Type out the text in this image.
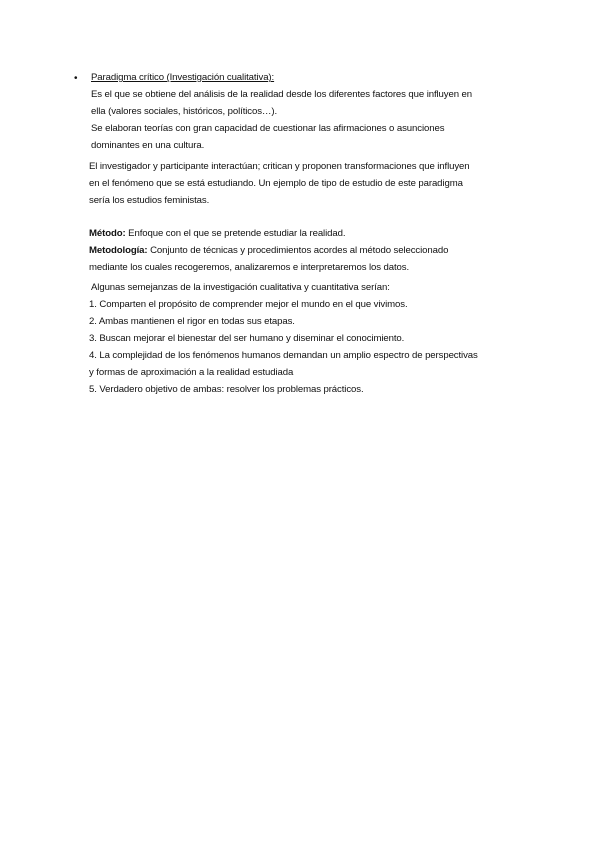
• Paradigma crítico (Investigación cualitativa):
Es el que se obtiene del análisis de la realidad desde los diferentes factores que influyen en
ella (valores sociales, históricos, políticos…).
Se elaboran teorías con gran capacidad de cuestionar las afirmaciones o asunciones
dominantes en una cultura.
El investigador y participante interactúan; critican y proponen transformaciones que influyen
en el fenómeno que se está estudiando. Un ejemplo de tipo de estudio de este paradigma
sería los estudios feministas.
Método: Enfoque con el que se pretende estudiar la realidad.
Metodología: Conjunto de técnicas y procedimientos acordes al método seleccionado
mediante los cuales recogeremos, analizaremos e interpretaremos los datos.
Algunas semejanzas de la investigación cualitativa y cuantitativa serían:
1. Comparten el propósito de comprender mejor el mundo en el que vivimos.
2. Ambas mantienen el rigor en todas sus etapas.
3. Buscan mejorar el bienestar del ser humano y diseminar el conocimiento.
4. La complejidad de los fenómenos humanos demandan un amplio espectro de perspectivas
y formas de aproximación a la realidad estudiada
5. Verdadero objetivo de ambas: resolver los problemas prácticos.
